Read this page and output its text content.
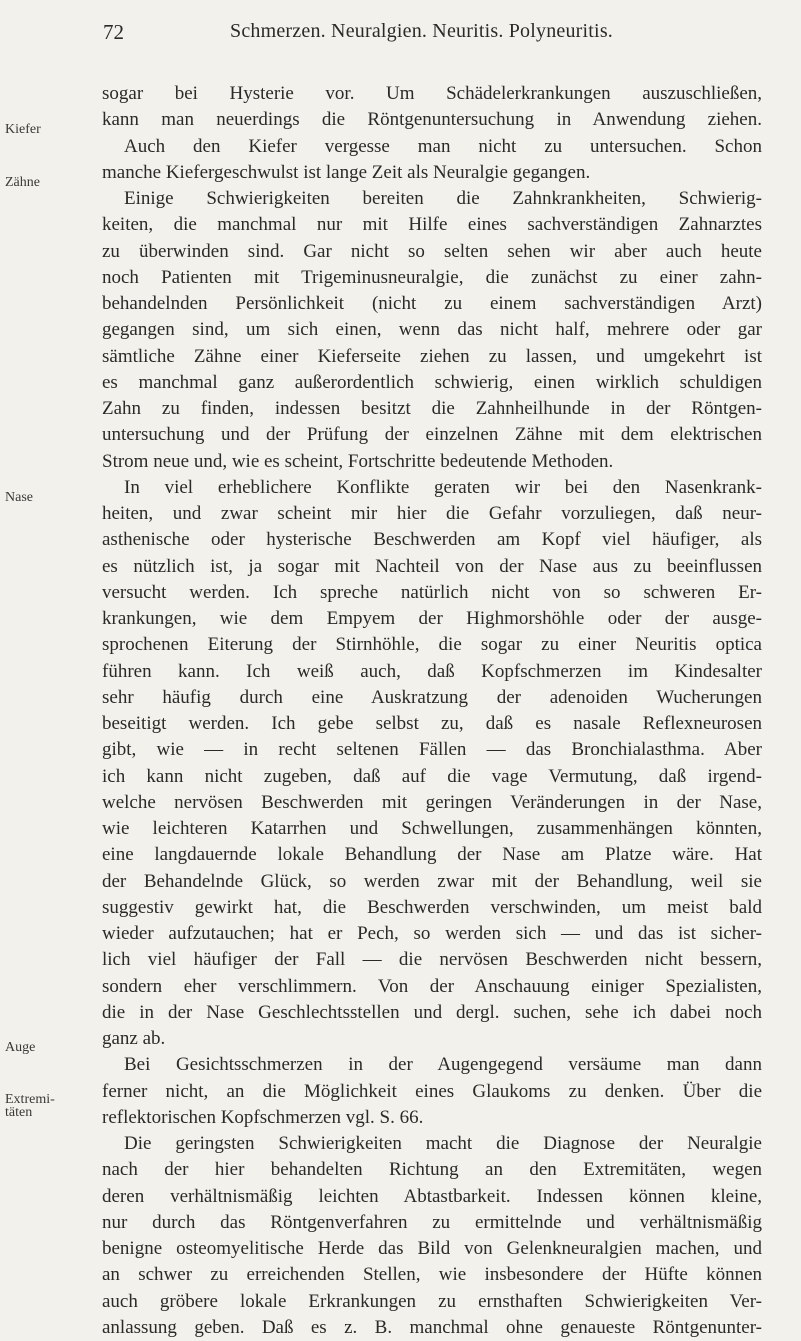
72	Schmerzen. Neuralgien. Neuritis. Polyneuritis.
Kiefer
Zähne
Nase
Auge
Extremi-
täten
sogar bei Hysterie vor. Um Schädelerkrankungen auszuschließen,
kann man neuerdings die Röntgenuntersuchung in Anwendung ziehen.
Auch den Kiefer vergesse man nicht zu untersuchen. Schon
manche Kiefergeschwulst ist lange Zeit als Neuralgie gegangen.
Einige Schwierigkeiten bereiten die Zahnkrankheiten, Schwierig-
keiten, die manchmal nur mit Hilfe eines sachverständigen Zahnarztes
zu überwinden sind. Gar nicht so selten sehen wir aber auch heute
noch Patienten mit Trigeminusneuralgie, die zunächst zu einer zahn-
behandelnden Persönlichkeit (nicht zu einem sachverständigen Arzt)
gegangen sind, um sich einen, wenn das nicht half, mehrere oder gar
sämtliche Zähne einer Kieferseite ziehen zu lassen, und umgekehrt ist
es manchmal ganz außerordentlich schwierig, einen wirklich schuldigen
Zahn zu finden, indessen besitzt die Zahnheilhunde in der Röntgen-
untersuchung und der Prüfung der einzelnen Zähne mit dem elektrischen
Strom neue und, wie es scheint, Fortschritte bedeutende Methoden.
In viel erheblichere Konflikte geraten wir bei den Nasenkrank-
heiten, und zwar scheint mir hier die Gefahr vorzuliegen, daß neur-
asthenische oder hysterische Beschwerden am Kopf viel häufiger, als
es nützlich ist, ja sogar mit Nachteil von der Nase aus zu beeinflussen
versucht werden. Ich spreche natürlich nicht von so schweren Er-
krankungen, wie dem Empyem der Highmorshöhle oder der ausge-
sprochenen Eiterung der Stirnhöhle, die sogar zu einer Neuritis optica
führen kann. Ich weiß auch, daß Kopfschmerzen im Kindesalter
sehr häufig durch eine Auskratzung der adenoiden Wucherungen
beseitigt werden. Ich gebe selbst zu, daß es nasale Reflexneurosen
gibt, wie — in recht seltenen Fällen — das Bronchialasthma. Aber
ich kann nicht zugeben, daß auf die vage Vermutung, daß irgend-
welche nervösen Beschwerden mit geringen Veränderungen in der Nase,
wie leichteren Katarrhen und Schwellungen, zusammenhängen könnten,
eine langdauernde lokale Behandlung der Nase am Platze wäre. Hat
der Behandelnde Glück, so werden zwar mit der Behandlung, weil sie
suggestiv gewirkt hat, die Beschwerden verschwinden, um meist bald
wieder aufzutauchen; hat er Pech, so werden sich — und das ist sicher-
lich viel häufiger der Fall — die nervösen Beschwerden nicht bessern,
sondern eher verschlimmern. Von der Anschauung einiger Spezialisten,
die in der Nase Geschlechtsstellen und dergl. suchen, sehe ich dabei noch
ganz ab.
Bei Gesichtsschmerzen in der Augengegend versäume man dann
ferner nicht, an die Möglichkeit eines Glaukoms zu denken. Über die
reflektorischen Kopfschmerzen vgl. S. 66.
Die geringsten Schwierigkeiten macht die Diagnose der Neuralgie
nach der hier behandelten Richtung an den Extremitäten, wegen
deren verhältnismäßig leichten Abtastbarkeit. Indessen können kleine,
nur durch das Röntgenverfahren zu ermittelnde und verhältnismäßig
benigne osteomyelitische Herde das Bild von Gelenkneuralgien machen, und
an schwer zu erreichenden Stellen, wie insbesondere der Hüfte können
auch gröbere lokale Erkrankungen zu ernsthaften Schwierigkeiten Ver-
anlassung geben. Daß es z. B. manchmal ohne genaueste Röntgenunter-
